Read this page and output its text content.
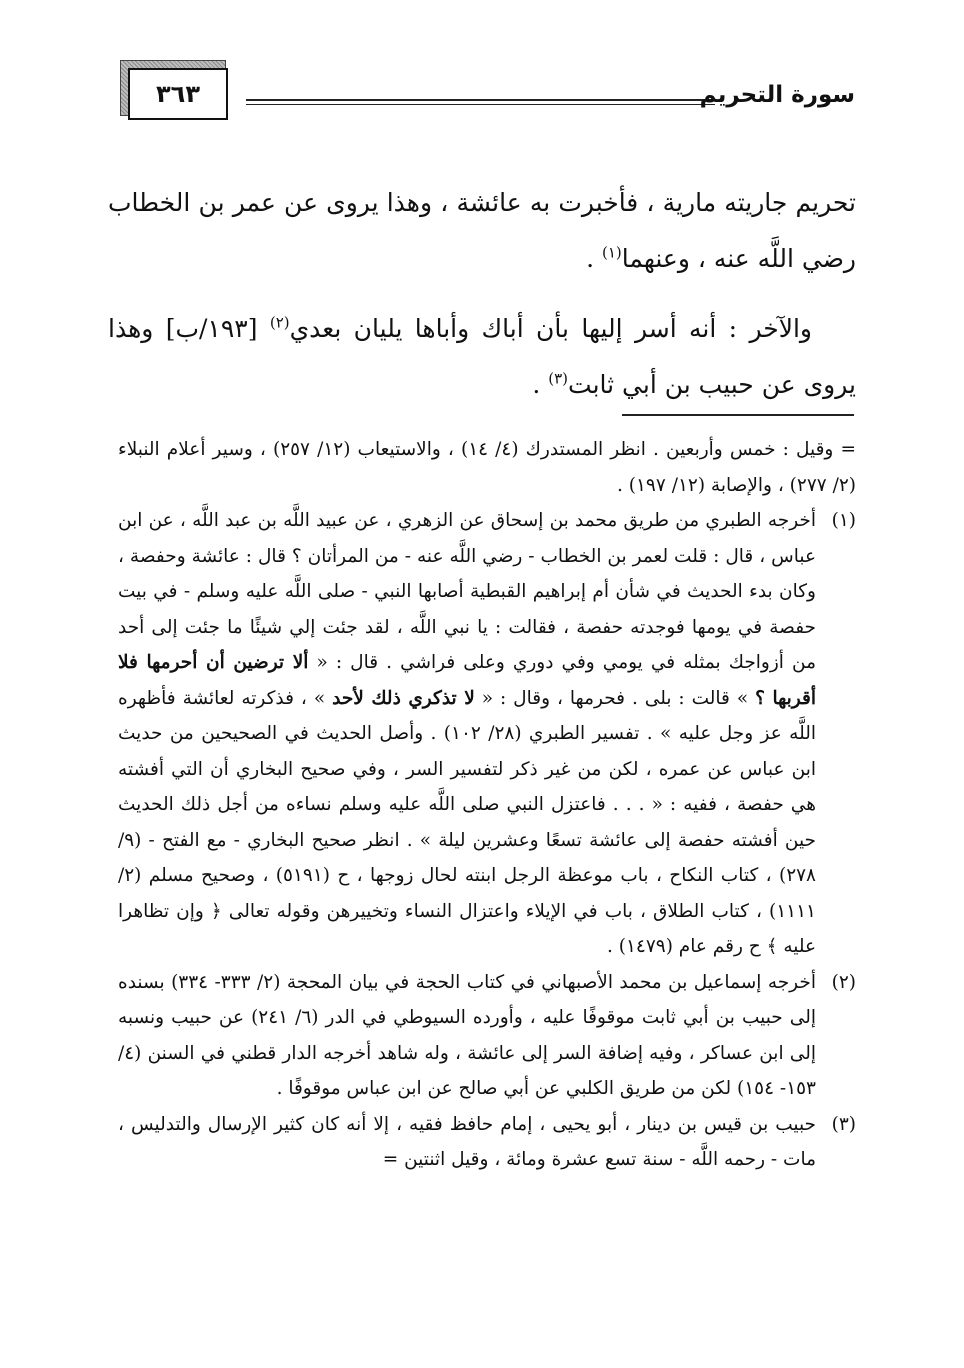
٣٦٣	سورة التحريم

تحريم جاريته مارية ، فأخبرت به عائشة ، وهذا يروى عن عمر بن الخطاب رضي اللَّه عنه ، وعنهما$^{(١)}$ .

والآخر : أنه أسر إليها بأن أباك وأباها يليان بعدي$^{(٢)}$ [١٩٣/ب] وهذا يروى عن حبيب بن أبي ثابت$^{(٣)}$ .

= وقيل : خمس وأربعين . انظر المستدرك (٤/ ١٤) ، والاستيعاب (١٢/ ٢٥٧) ، وسير أعلام النبلاء (٢/ ٢٧٧) ، والإصابة (١٢/ ١٩٧) .

(١)
أخرجه الطبري من طريق محمد بن إسحاق عن الزهري ، عن عبيد اللَّه بن عبد اللَّه ، عن ابن عباس ، قال : قلت لعمر بن الخطاب - رضي اللَّه عنه - من المرأتان ؟ قال : عائشة وحفصة ، وكان بدء الحديث في شأن أم إبراهيم القبطية أصابها النبي - صلى اللَّه عليه وسلم - في بيت حفصة في يومها فوجدته حفصة ، فقالت : يا نبي اللَّه ، لقد جئت إلي شيئًا ما جئت إلى أحد من أزواجك بمثله في يومي وفي دوري وعلى فراشي . قال : « ألا ترضين أن أحرمها فلا أقربها ؟ » قالت : بلى . فحرمها ، وقال : « لا تذكري ذلك لأحد » ، فذكرته لعائشة فأظهره اللَّه عز وجل عليه » . تفسير الطبري (٢٨/ ١٠٢) . وأصل الحديث في الصحيحين من حديث ابن عباس عن عمره ، لكن من غير ذكر لتفسير السر ، وفي صحيح البخاري أن التي أفشته هي حفصة ، ففيه : « . . . فاعتزل النبي صلى اللَّه عليه وسلم نساءه من أجل ذلك الحديث حين أفشته حفصة إلى عائشة تسعًا وعشرين ليلة » . انظر صحيح البخاري - مع الفتح - (٩/ ٢٧٨) ، كتاب النكاح ، باب موعظة الرجل ابنته لحال زوجها ، ح (٥١٩١) ، وصحيح مسلم (٢/ ١١١١) ، كتاب الطلاق ، باب في الإيلاء واعتزال النساء وتخييرهن وقوله تعالى ﴿ وإن تظاهرا عليه ﴾ ح رقم عام (١٤٧٩) .
(٢)
أخرجه إسماعيل بن محمد الأصبهاني في كتاب الحجة في بيان المحجة (٢/ ٣٣٣- ٣٣٤) بسنده إلى حبيب بن أبي ثابت موقوفًا عليه ، وأورده السيوطي في الدر (٦/ ٢٤١) عن حبيب ونسبه إلى ابن عساكر ، وفيه إضافة السر إلى عائشة ، وله شاهد أخرجه الدار قطني في السنن (٤/ ١٥٣- ١٥٤) لكن من طريق الكلبي عن أبي صالح عن ابن عباس موقوفًا .
(٣)
حبيب بن قيس بن دينار ، أبو يحيى ، إمام حافظ فقيه ، إلا أنه كان كثير الإرسال والتدليس ، مات - رحمه اللَّه - سنة تسع عشرة ومائة ، وقيل اثنتين =
